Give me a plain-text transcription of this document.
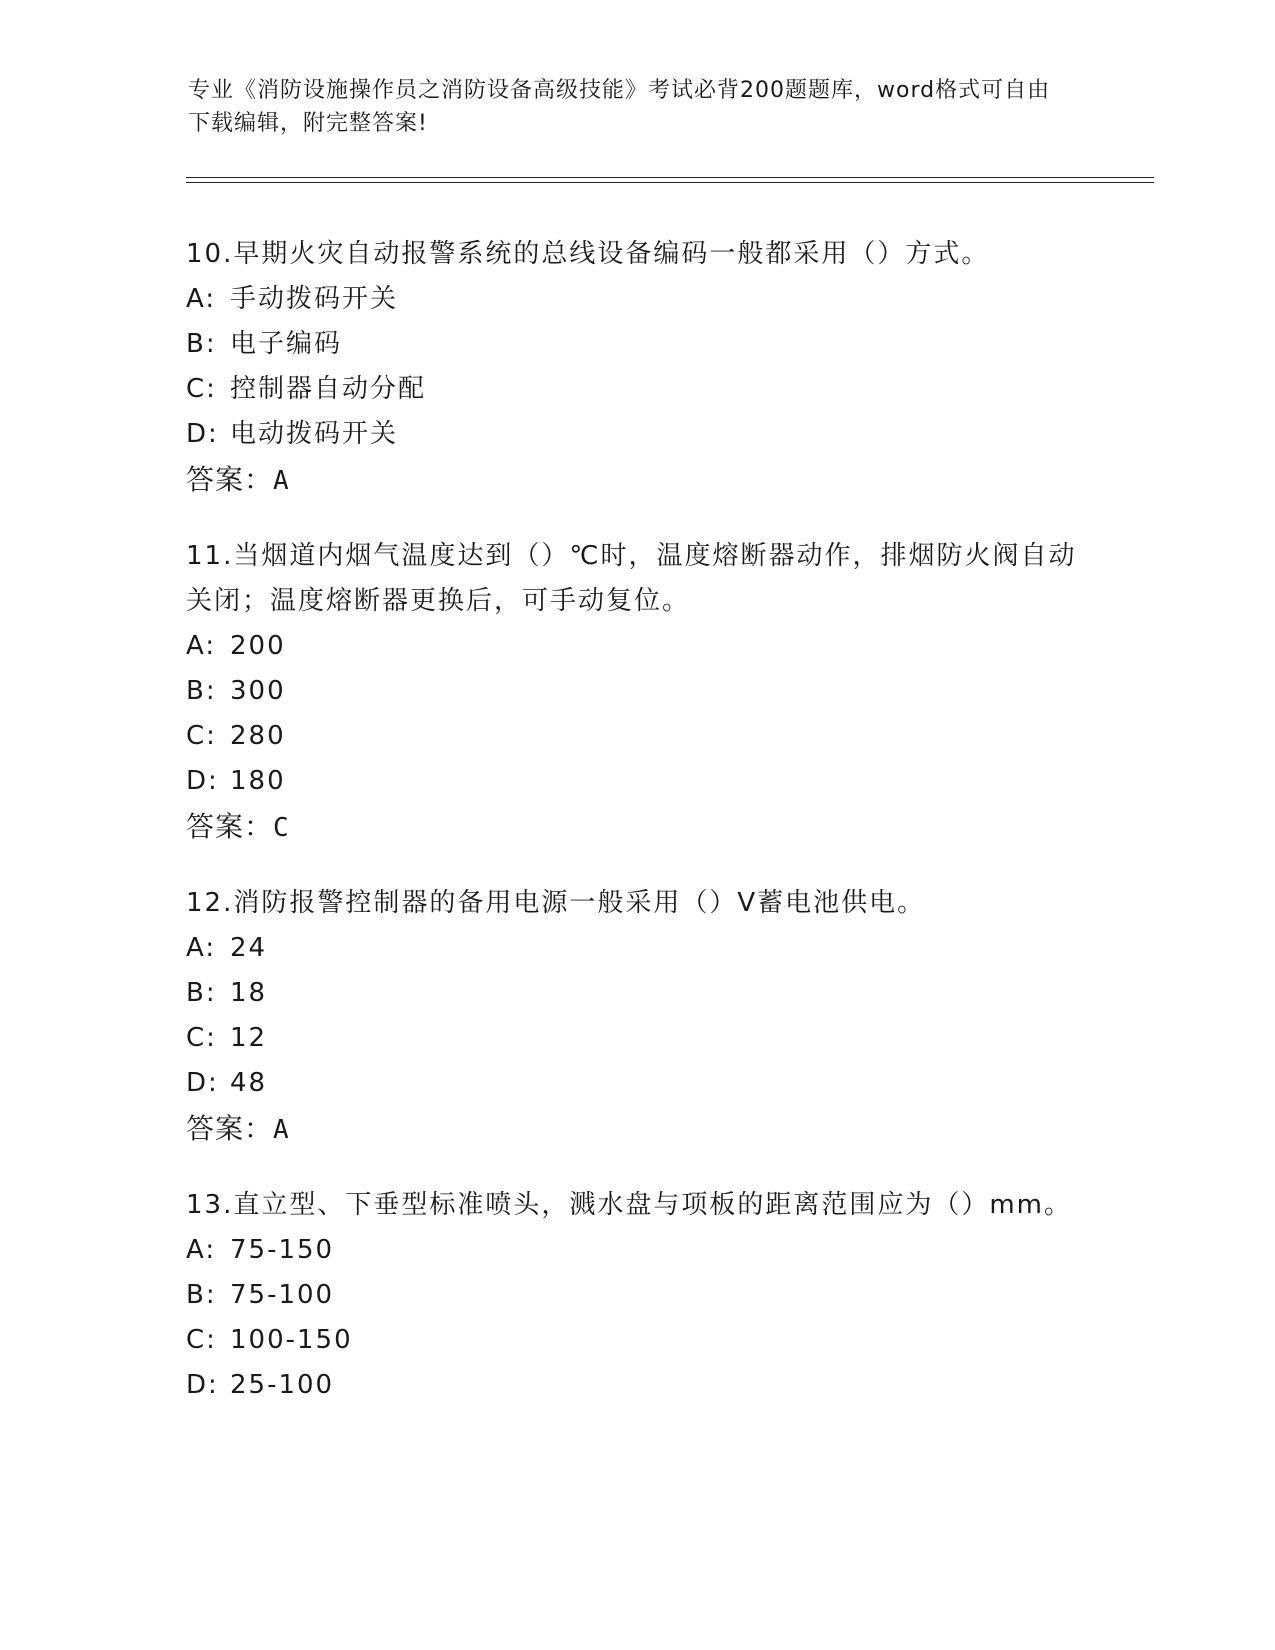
专业《消防设施操作员之消防设备高级技能》考试必背200题题库，word格式可自由下载编辑，附完整答案!

10.早期火灾自动报警系统的总线设备编码一般都采用（）方式。

A: 手动拨码开关
B: 电子编码
C: 控制器自动分配
D: 电动拨码开关

答案：A

11.当烟道内烟气温度达到（）℃时，温度熔断器动作，排烟防火阀自动关闭；温度熔断器更换后，可手动复位。

A: 200
B: 300
C: 280
D: 180

答案：C

12.消防报警控制器的备用电源一般采用（）V蓄电池供电。

A: 24
B: 18
C: 12
D: 48

答案：A

13.直立型、下垂型标准喷头，溅水盘与项板的距离范围应为（）mm。

A: 75-150
B: 75-100
C: 100-150
D: 25-100
